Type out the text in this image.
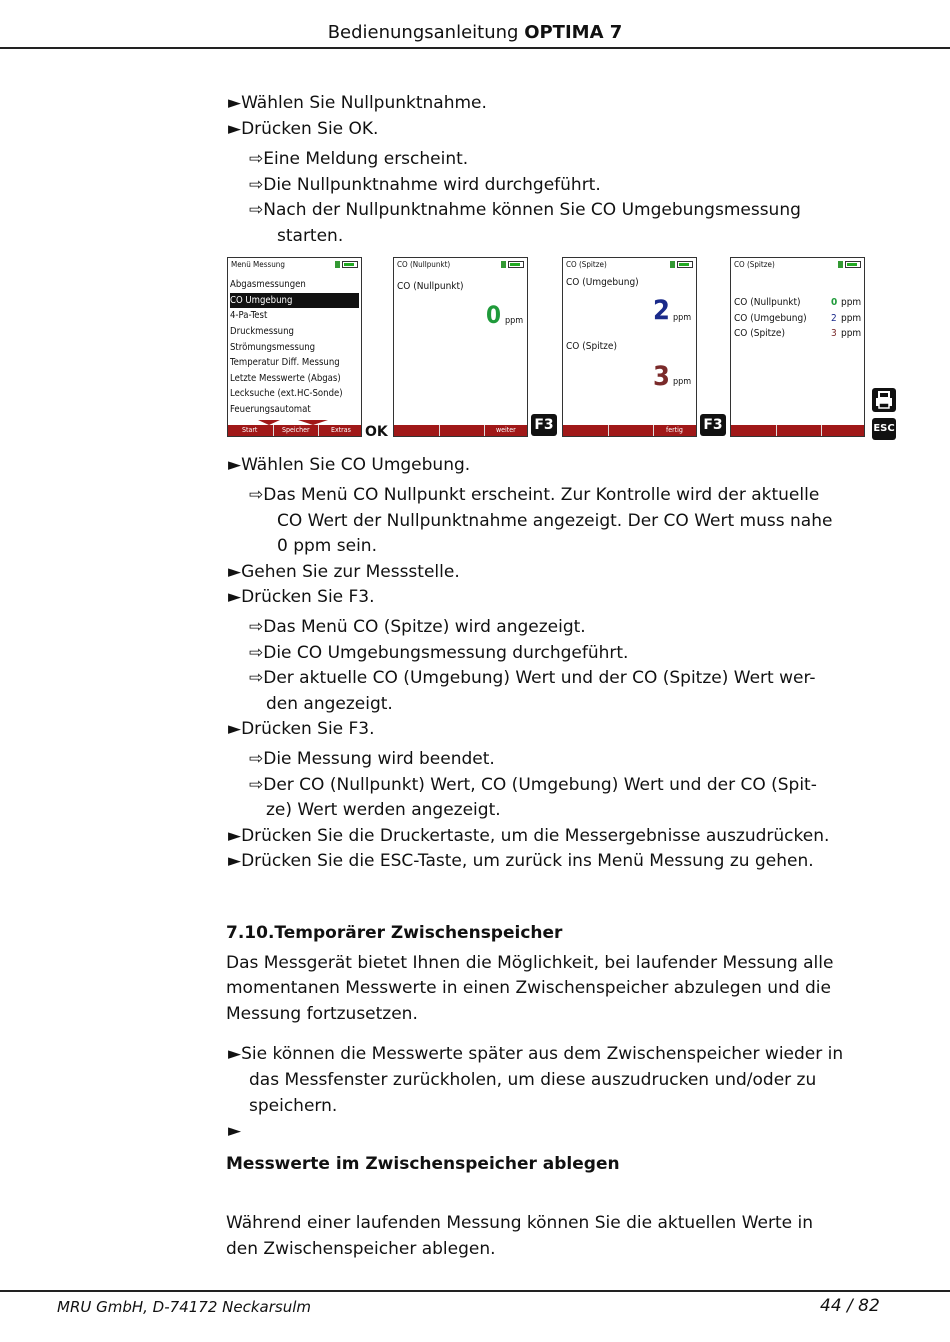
Bedienungsanleitung OPTIMA 7
►Wählen Sie Nullpunktnahme.
►Drücken Sie OK.
⇨Eine Meldung erscheint.
⇨Die Nullpunktnahme wird durchgeführt.
⇨Nach der Nullpunktnahme können Sie CO Umgebungsmessung
starten.
Menü Messung
Abgasmessungen
CO Umgebung
4-Pa-Test
Druckmessung
Strömungsmessung
Temperatur Diff. Messung
Letzte Messwerte (Abgas)
Lecksuche (ext.HC-Sonde)
Feuerungsautomat
Start	Speicher	Extras OK
CO (Nullpunkt)
CO (Nullpunkt)
0 ppm
weiter F3
CO (Spitze)
CO (Umgebung)
2 ppm
CO (Spitze)
3 ppm
fertig F3
CO (Spitze)
CO (Nullpunkt)	0 ppm
CO (Umgebung) 2 ppm
CO (Spitze)	3 ppm
ESC
►Wählen Sie CO Umgebung.
⇨Das Menü CO Nullpunkt erscheint. Zur Kontrolle wird der aktuelle
CO Wert der Nullpunktnahme angezeigt. Der CO Wert muss nahe
0 ppm sein.
►Gehen Sie zur Messstelle.
►Drücken Sie F3.
⇨Das Menü CO (Spitze) wird angezeigt.
⇨Die CO Umgebungsmessung durchgeführt.
⇨Der aktuelle CO (Umgebung) Wert und der CO (Spitze) Wert wer-
den angezeigt.
►Drücken Sie F3.
⇨Die Messung wird beendet.
⇨Der CO (Nullpunkt) Wert, CO (Umgebung) Wert und der CO (Spit-
ze) Wert werden angezeigt.
►Drücken Sie die Druckertaste, um die Messergebnisse auszudrücken.
►Drücken Sie die ESC-Taste, um zurück ins Menü Messung zu gehen.
7.10.Temporärer Zwischenspeicher
Das Messgerät bietet Ihnen die Möglichkeit, bei laufender Messung alle
momentanen Messwerte in einen Zwischenspeicher abzulegen und die
Messung fortzusetzen.
►Sie können die Messwerte später aus dem Zwischenspeicher wieder in
das Messfenster zurückholen, um diese auszudrucken und/oder zu
speichern.
►
Messwerte im Zwischenspeicher ablegen
Während einer laufenden Messung können Sie die aktuellen Werte in
den Zwischenspeicher ablegen.
MRU GmbH, D-74172 Neckarsulm	44 / 82
